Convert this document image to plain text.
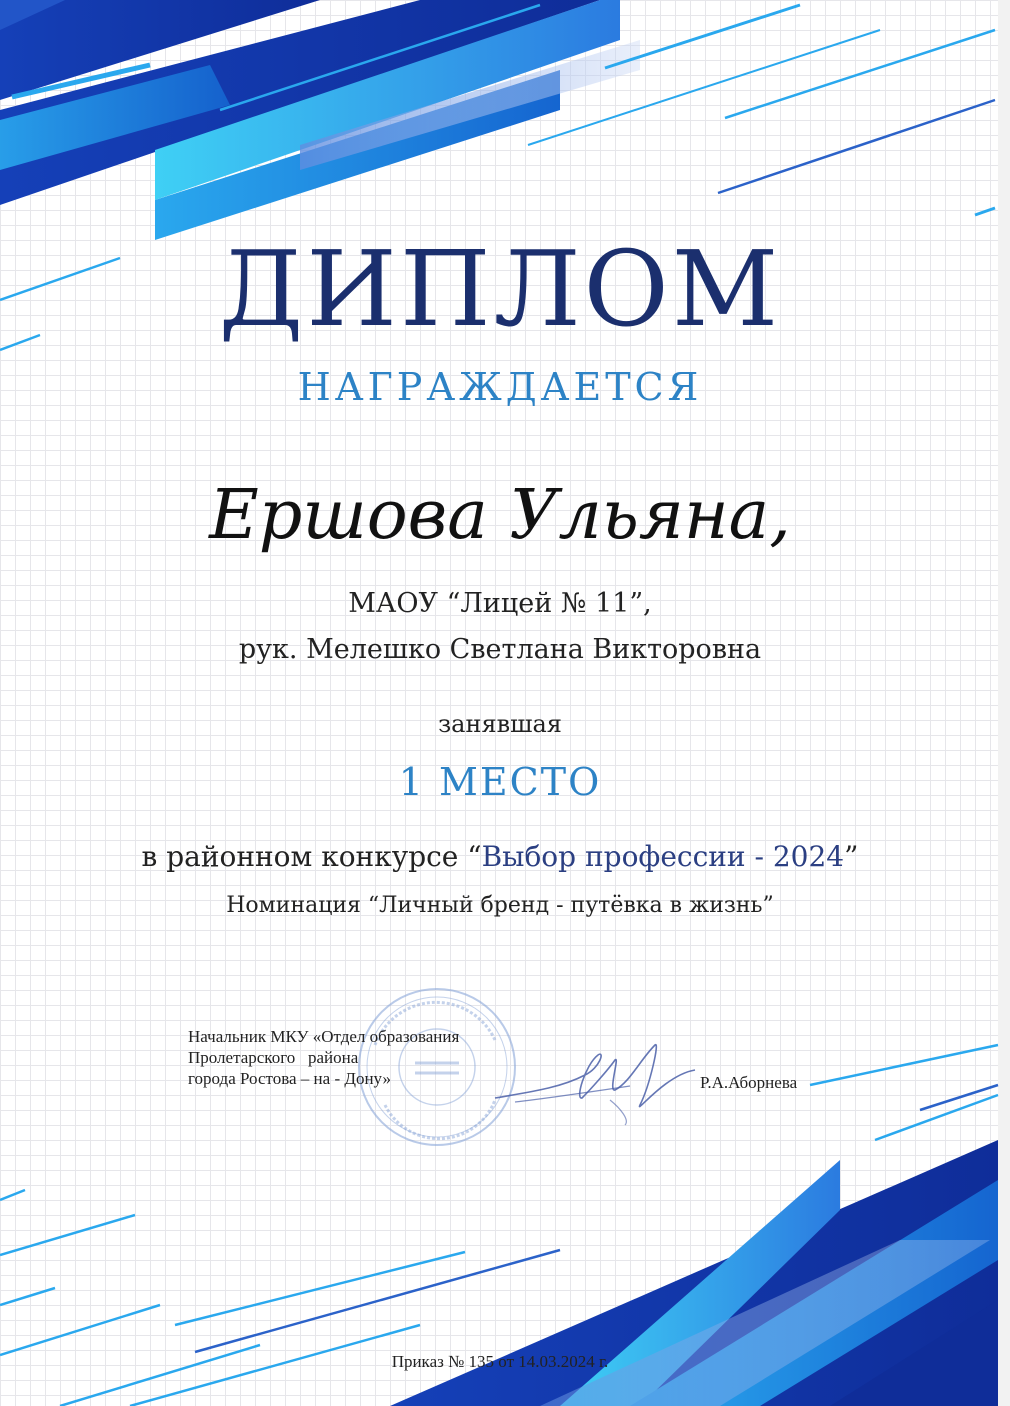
ДИПЛОМ
НАГРАЖДАЕТСЯ
Ершова Ульяна,
МАОУ “Лицей № 11”,
рук. Мелешко Светлана Викторовна
занявшая
1 МЕСТО
в районном конкурсе “Выбор профессии - 2024”
Номинация “Личный бренд - путёвка в жизнь”
Начальник МКУ «Отдел образования
Пролетарского   района
города Ростова – на - Дону»	Р.А.Аборнева
Приказ № 135 от 14.03.2024 г.
